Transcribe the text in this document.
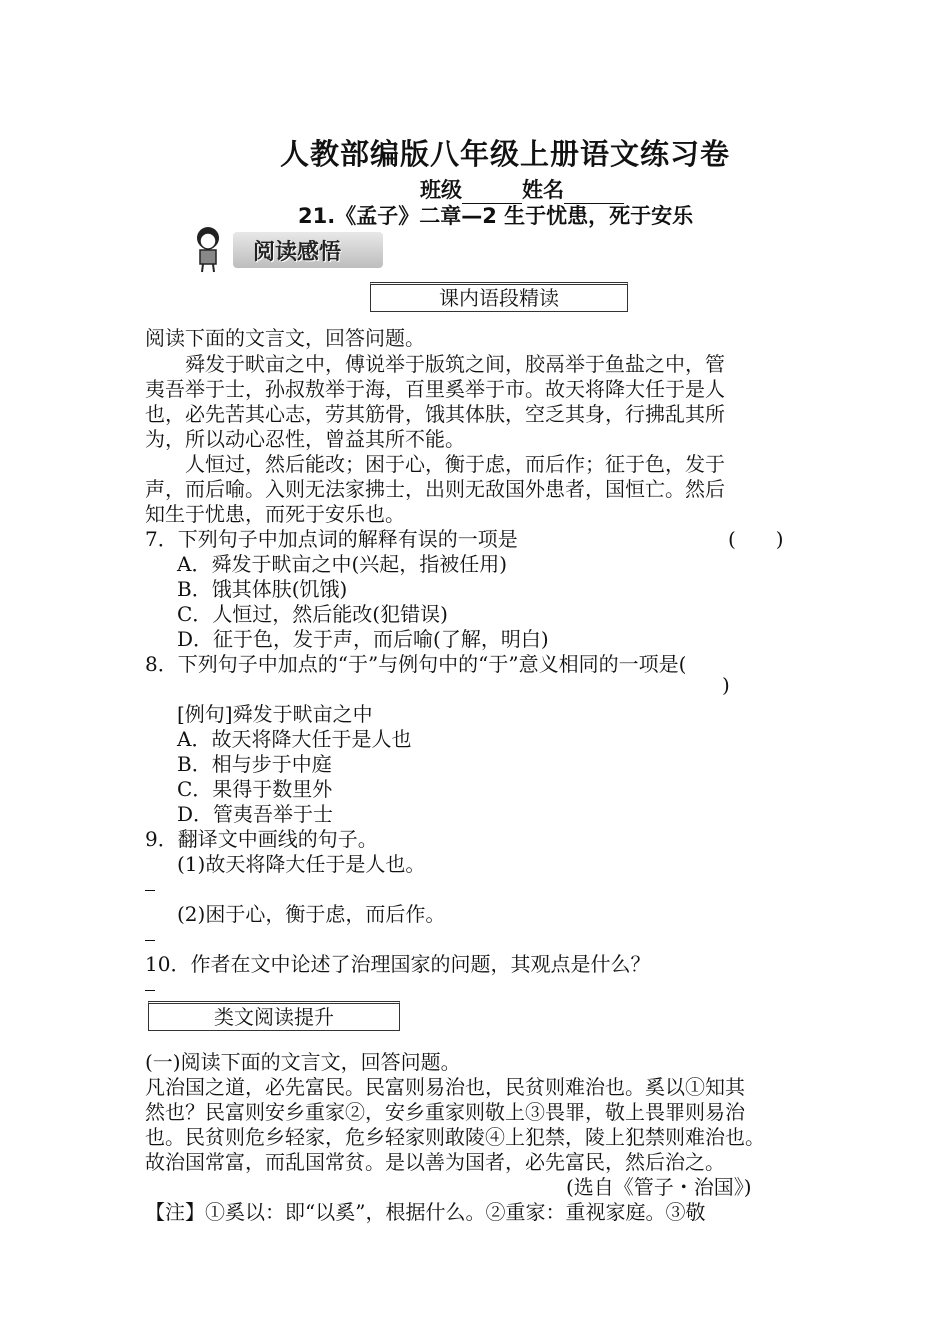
人教部编版八年级上册语文练习卷
班级	姓名
21.《孟子》二章—2 生于忧患，死于安乐
阅读感悟
课内语段精读
阅读下面的文言文，回答问题。
　　舜发于畎亩之中，傅说举于版筑之间，胶鬲举于鱼盐之中，管
夷吾举于士，孙叔敖举于海，百里奚举于市。故天将降大任于是人
也，必先苦其心志，劳其筋骨，饿其体肤，空乏其身，行拂乱其所
为，所以动心忍性，曾益其所不能。
　　人恒过，然后能改；困于心，衡于虑，而后作；征于色，发于
声，而后喻。入则无法家拂士，出则无敌国外患者，国恒亡。然后
知生于忧患，而死于安乐也。
7．下列句子中加点词的解释有误的一项是	(　　)
A．舜发于畎亩之中(兴起，指被任用)
B．饿其体肤(饥饿)
C．人恒过，然后能改(犯错误)
D．征于色，发于声，而后喻(了解，明白)
8．下列句子中加点的“于”与例句中的“于”意义相同的一项是(
)
[例句]舜发于畎亩之中
A．故天将降大任于是人也
B．相与步于中庭
C．果得于数里外
D．管夷吾举于士
9．翻译文中画线的句子。
(1)故天将降大任于是人也。
(2)困于心，衡于虑，而后作。
10．作者在文中论述了治理国家的问题，其观点是什么？
类文阅读提升
(一)阅读下面的文言文，回答问题。
凡治国之道，必先富民。民富则易治也，民贫则难治也。奚以①知其
然也？民富则安乡重家②，安乡重家则敬上③畏罪，敬上畏罪则易治
也。民贫则危乡轻家，危乡轻家则敢陵④上犯禁，陵上犯禁则难治也。
故治国常富，而乱国常贫。是以善为国者，必先富民，然后治之。
(选自《管子・治国》)
【注】①奚以：即“以奚”，根据什么。②重家：重视家庭。③敬
